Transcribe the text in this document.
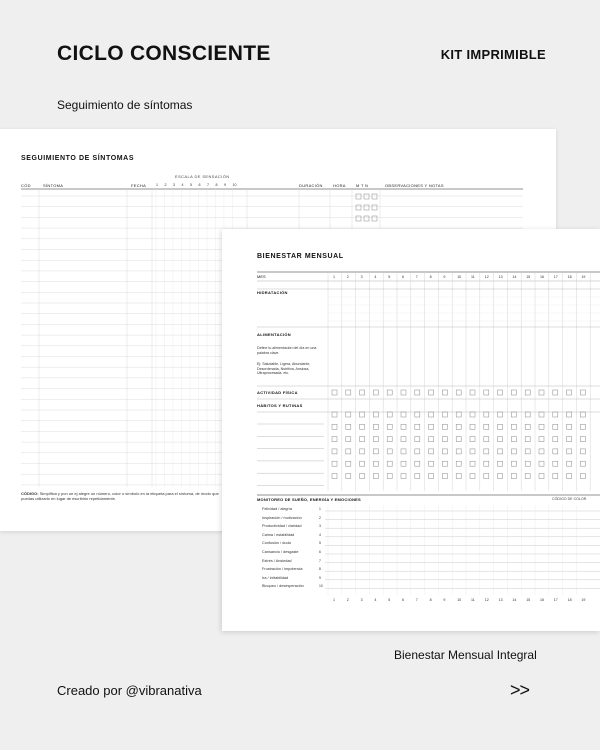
CICLO CONSCIENTE	KIT IMPRIMIBLE
Seguimiento de síntomas
SEGUIMIENTO DE SÍNTOMAS
ESCALA DE SENSACIÓN
CÓD	SÍNTOMA	FECHA	DURACIÓN	HORA	M T N	OBSERVACIONES Y NOTAS
1 2 3 4 5 6 7 8 9 10
CÓDIGO: Simplifica y pon un ej alegre un número, color o símbolo en la etiqueta para el síntoma, de modo que puedas utilizarlo en lugar de escribirlo repetidamente.
BIENESTAR MENSUAL
MES	1	2	3	4	5	6	7	8	9	10	11	12	13	14	15	16	17	18	19
HIDRATACIÓN
ALIMENTACIÓN
Define tu alimentación del día en una palabra clave.
Ej: Saludable, Ligera, Abundante, Desordenada, Nutritiva, Ansiosa, Ultraprocesada, etc.
ACTIVIDAD FÍSICA
HÁBITOS Y RUTINAS
MONITOREO DE SUEÑO, ENERGÍA Y EMOCIONES	CÓDIGO DE COLOR
Felicidad / alegría	1
Inspiración / motivación	2
Productividad / claridad	3
Calma / estabilidad	4
Confusión / duda	5
Cansancio / desgaste	6
Estrés / Ansiedad	7
Frustración / impotencia	8
Ira / Irritabilidad	9
Bloqueo / desesperación	10
1	2	3	4	5	6	7	8	9	10	11	12	13	14	15	16	17	18	19
Bienestar Mensual Integral
Creado por @vibranativa	>>
